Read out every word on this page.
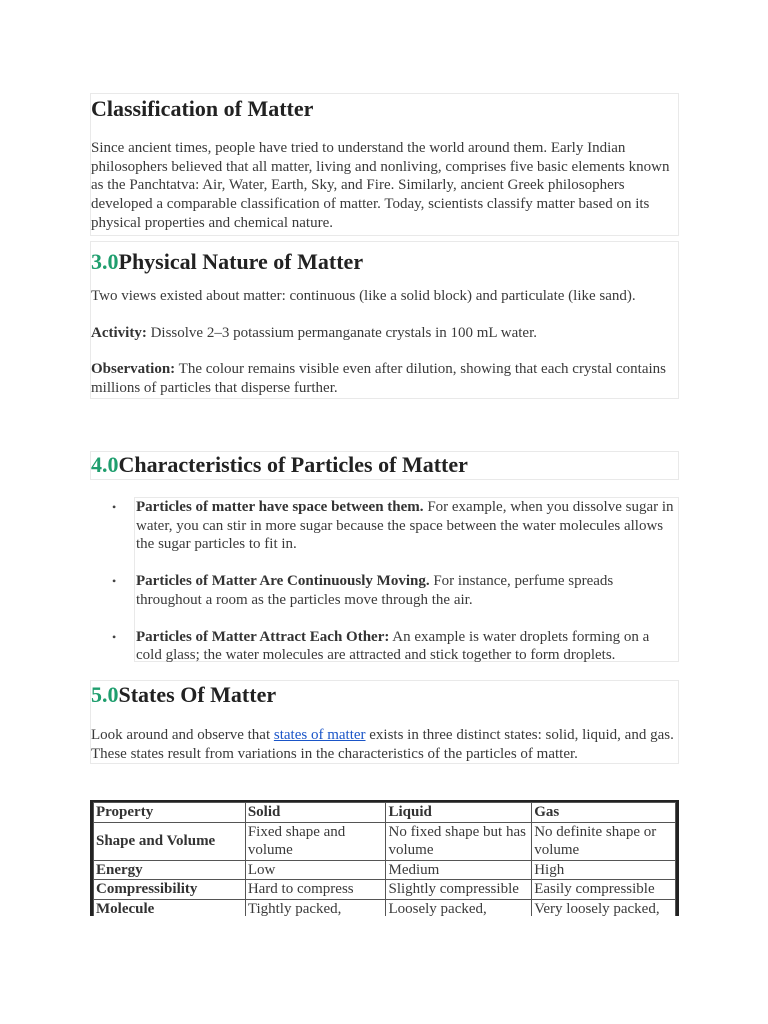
Classification of Matter

Since ancient times, people have tried to understand the world around them. Early Indian philosophers believed that all matter, living and nonliving, comprises five basic elements known as the Panchtatva: Air, Water, Earth, Sky, and Fire. Similarly, ancient Greek philosophers developed a comparable classification of matter. Today, scientists classify matter based on its physical properties and chemical nature.

3.0Physical Nature of Matter

Two views existed about matter: continuous (like a solid block) and particulate (like sand).

Activity: Dissolve 2–3 potassium permanganate crystals in 100 mL water.

Observation: The colour remains visible even after dilution, showing that each crystal contains millions of particles that disperse further.

4.0Characteristics of Particles of Matter
• Particles of matter have space between them. For example, when you dissolve sugar in water, you can stir in more sugar because the space between the water molecules allows the sugar particles to fit in.
• Particles of Matter Are Continuously Moving. For instance, perfume spreads throughout a room as the particles move through the air.
• Particles of Matter Attract Each Other: An example is water droplets forming on a cold glass; the water molecules are attracted and stick together to form droplets.
5.0States Of Matter

Look around and observe that states of matter exists in three distinct states: solid, liquid, and gas. These states result from variations in the characteristics of the particles of matter.

Property	Solid	Liquid	Gas
Shape and Volume	Fixed shape and volume	No fixed shape but has volume	No definite shape or volume
Energy	Low	Medium	High
Compressibility	Hard to compress	Slightly compressible	Easily compressible
Molecule	Tightly packed,	Loosely packed,	Very loosely packed,
